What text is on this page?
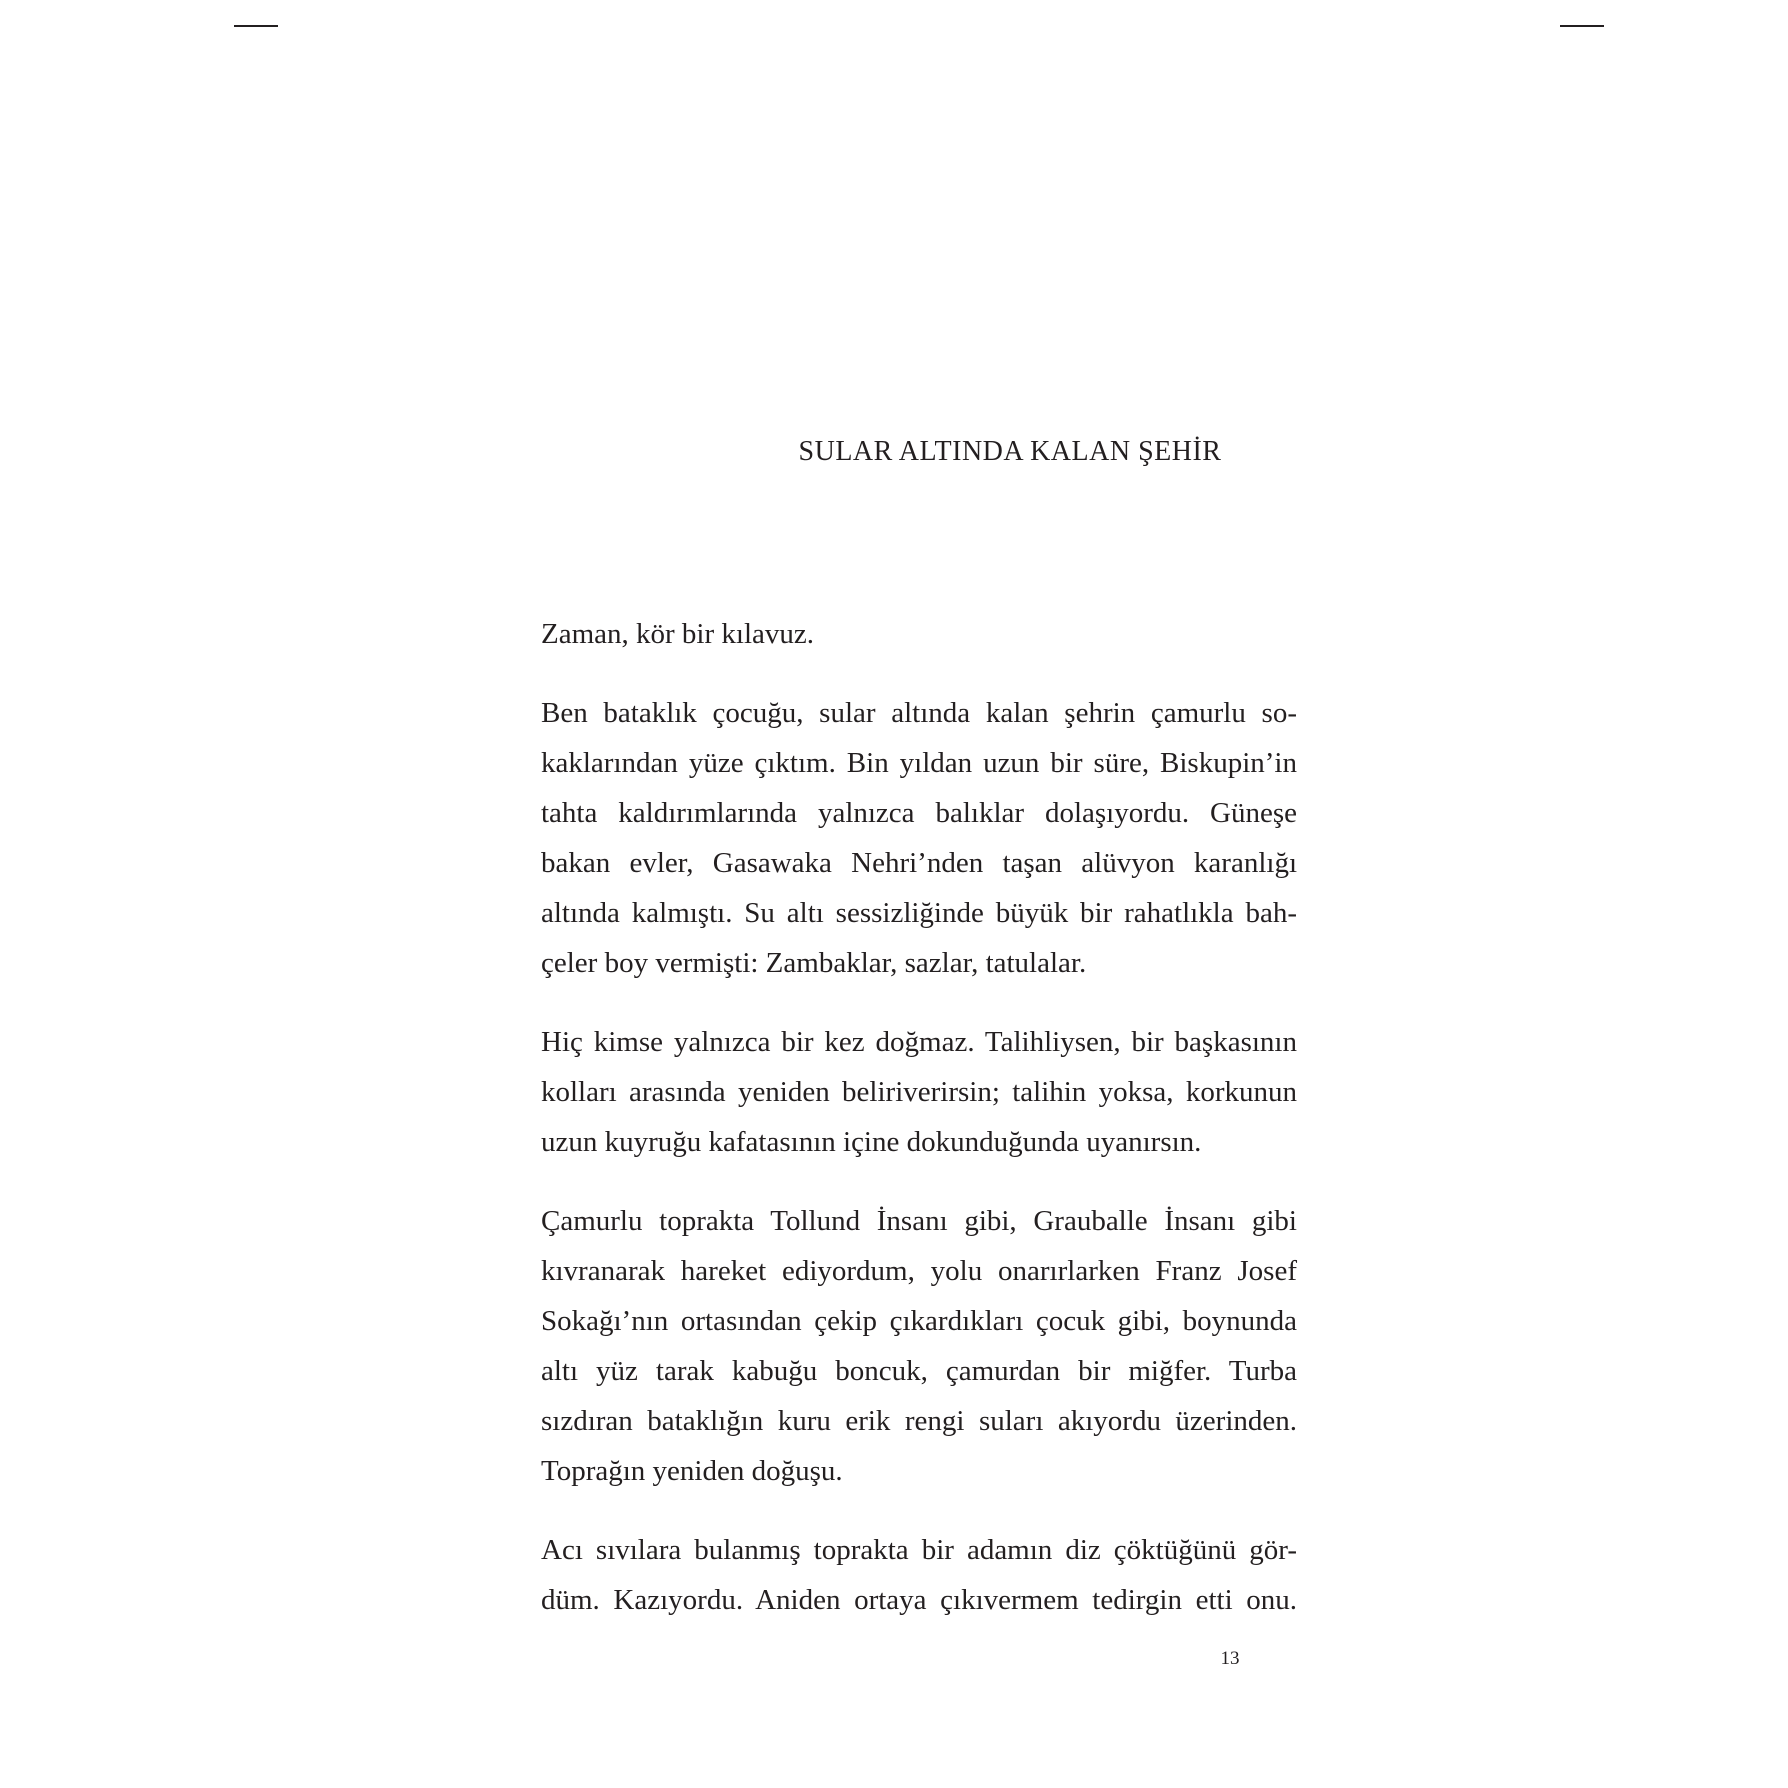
SULAR ALTINDA KALAN ŞEHİR
Zaman, kör bir kılavuz.
Ben bataklık çocuğu, sular altında kalan şehrin çamurlu so-
kaklarından yüze çıktım. Bin yıldan uzun bir süre, Biskupin’in
tahta kaldırımlarında yalnızca balıklar dolaşıyordu. Güneşe
bakan evler, Gasawaka Nehri’nden taşan alüvyon karanlığı
altında kalmıştı. Su altı sessizliğinde büyük bir rahatlıkla bah-
çeler boy vermişti: Zambaklar, sazlar, tatulalar.
Hiç kimse yalnızca bir kez doğmaz. Talihliysen, bir başkasının
kolları arasında yeniden beliriverirsin; talihin yoksa, korkunun
uzun kuyruğu kafatasının içine dokunduğunda uyanırsın.
Çamurlu toprakta Tollund İnsanı gibi, Grauballe İnsanı gibi
kıvranarak hareket ediyordum, yolu onarırlarken Franz Josef
Sokağı’nın ortasından çekip çıkardıkları çocuk gibi, boynunda
altı yüz tarak kabuğu boncuk, çamurdan bir miğfer. Turba
sızdıran bataklığın kuru erik rengi suları akıyordu üzerinden.
Toprağın yeniden doğuşu.
Acı sıvılara bulanmış toprakta bir adamın diz çöktüğünü gör-
düm. Kazıyordu. Aniden ortaya çıkıvermem tedirgin etti onu.
13
